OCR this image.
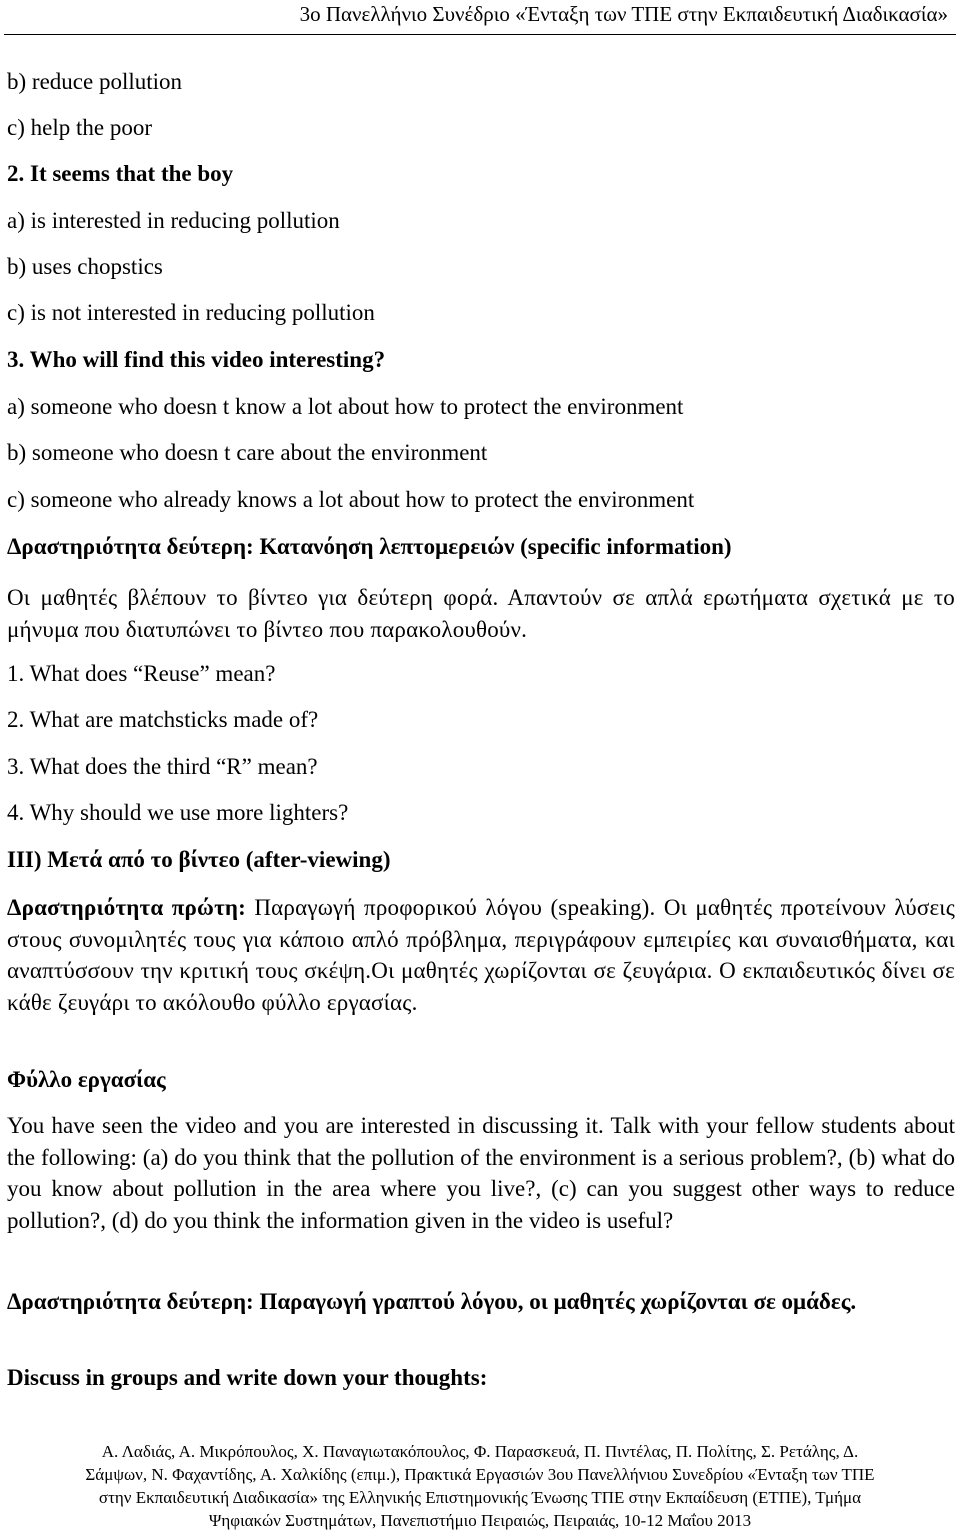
3ο Πανελλήνιο Συνέδριο «Ένταξη των ΤΠΕ στην Εκπαιδευτική Διαδικασία»
b) reduce pollution
c) help the poor
2. It seems that the boy
a) is interested in reducing pollution
b) uses chopstics
c) is not interested in reducing pollution
3. Who will find this video interesting?
a) someone who doesn t know a lot about how to protect the environment
b) someone who doesn t care about the environment
c) someone who already knows a lot about how to protect the environment
Δραστηριότητα δεύτερη: Κατανόηση λεπτομερειών (specific information)
Οι μαθητές βλέπουν το βίντεο για δεύτερη φορά. Απαντούν σε απλά ερωτήματα σχετικά με το μήνυμα που διατυπώνει το βίντεο που παρακολουθούν.
1. What does “Reuse” mean?
2. What are matchsticks made of?
3. What does the third “R” mean?
4. Why should we use more lighters?
III) Μετά από το βίντεο (after-viewing)
Δραστηριότητα πρώτη: Παραγωγή προφορικού λόγου (speaking). Οι μαθητές προτείνουν λύσεις στους συνομιλητές τους για κάποιο απλό πρόβλημα, περιγράφουν εμπειρίες και συναισθήματα, και αναπτύσσουν την κριτική τους σκέψη.Οι μαθητές χωρίζονται σε ζευγάρια. Ο εκπαιδευτικός δίνει σε κάθε ζευγάρι το ακόλουθο φύλλο εργασίας.
Φύλλο εργασίας
You have seen the video and you are interested in discussing it. Talk with your fellow students about the following: (a) do you think that the pollution of the environment is a serious problem?, (b) what do you know about pollution in the area where you live?, (c) can you suggest other ways to reduce pollution?, (d) do you think the information given in the video is useful?
Δραστηριότητα δεύτερη: Παραγωγή γραπτού λόγου, οι μαθητές χωρίζονται σε ομάδες.
Discuss in groups and write down your thoughts:
Α. Λαδιάς, Α. Μικρόπουλος, Χ. Παναγιωτακόπουλος, Φ. Παρασκευά, Π. Πιντέλας, Π. Πολίτης, Σ. Ρετάλης, Δ.
Σάμψων, Ν. Φαχαντίδης, Α. Χαλκίδης (επιμ.), Πρακτικά Εργασιών 3ου Πανελλήνιου Συνεδρίου «Ένταξη των ΤΠΕ
στην Εκπαιδευτική Διαδικασία» της Ελληνικής Επιστημονικής Ένωσης ΤΠΕ στην Εκπαίδευση (ΕΤΠΕ), Τμήμα
Ψηφιακών Συστημάτων, Πανεπιστήμιο Πειραιώς, Πειραιάς, 10-12 Μαΐου 2013
